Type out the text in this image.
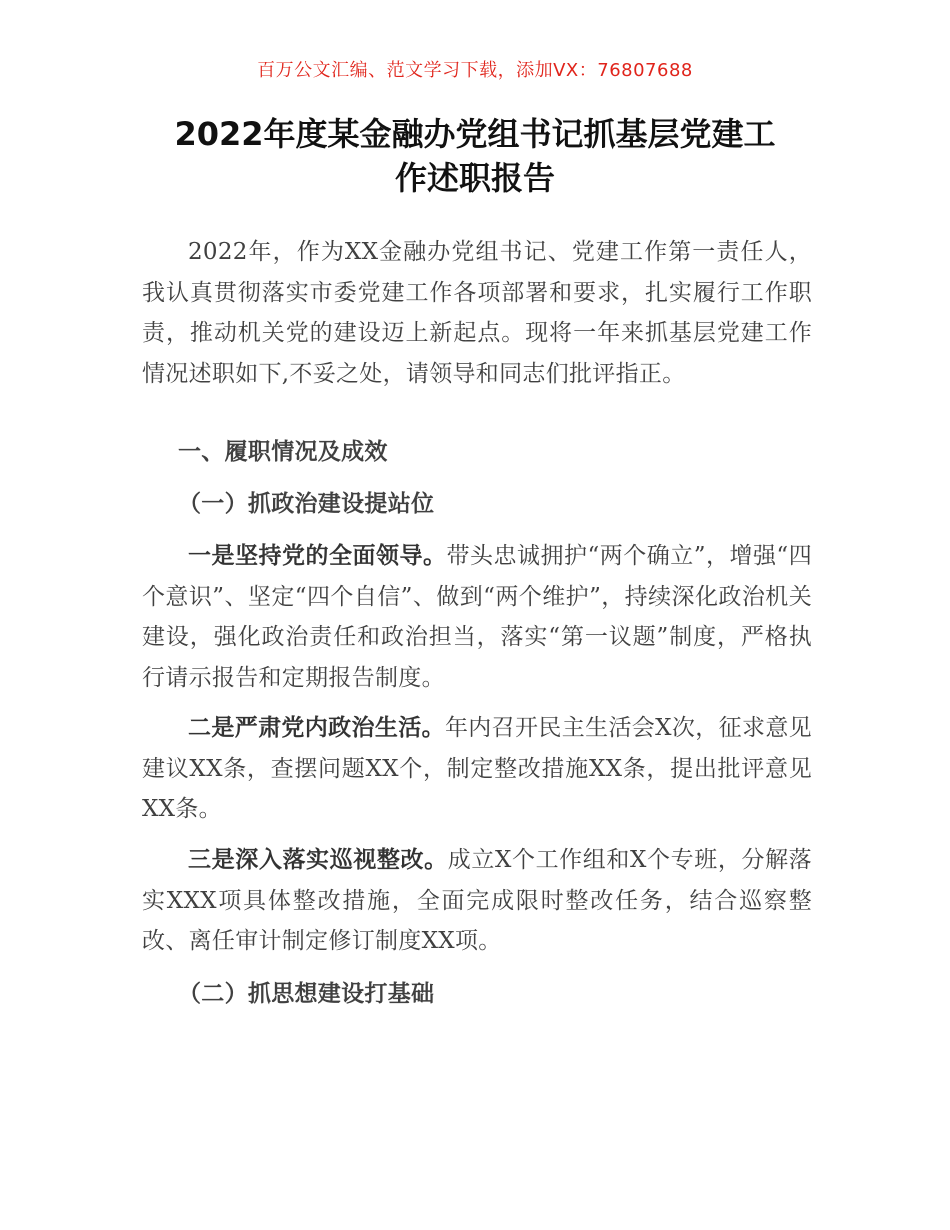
百万公文汇编、范文学习下载，添加VX：76807688
2022年度某金融办党组书记抓基层党建工
作述职报告

2022年，作为XX金融办党组书记、党建工作第一责任人，我认真贯彻落实市委党建工作各项部署和要求，扎实履行工作职责，推动机关党的建设迈上新起点。现将一年来抓基层党建工作情况述职如下,不妥之处，请领导和同志们批评指正。

一、履职情况及成效

（一）抓政治建设提站位

一是坚持党的全面领导。带头忠诚拥护“两个确立”，增强“四个意识”、坚定“四个自信”、做到“两个维护”，持续深化政治机关建设，强化政治责任和政治担当，落实“第一议题”制度，严格执行请示报告和定期报告制度。

二是严肃党内政治生活。年内召开民主生活会X次，征求意见建议XX条，查摆问题XX个，制定整改措施XX条，提出批评意见XX条。

三是深入落实巡视整改。成立X个工作组和X个专班，分解落实XXX项具体整改措施，全面完成限时整改任务，结合巡察整改、离任审计制定修订制度XX项。

（二）抓思想建设打基础
